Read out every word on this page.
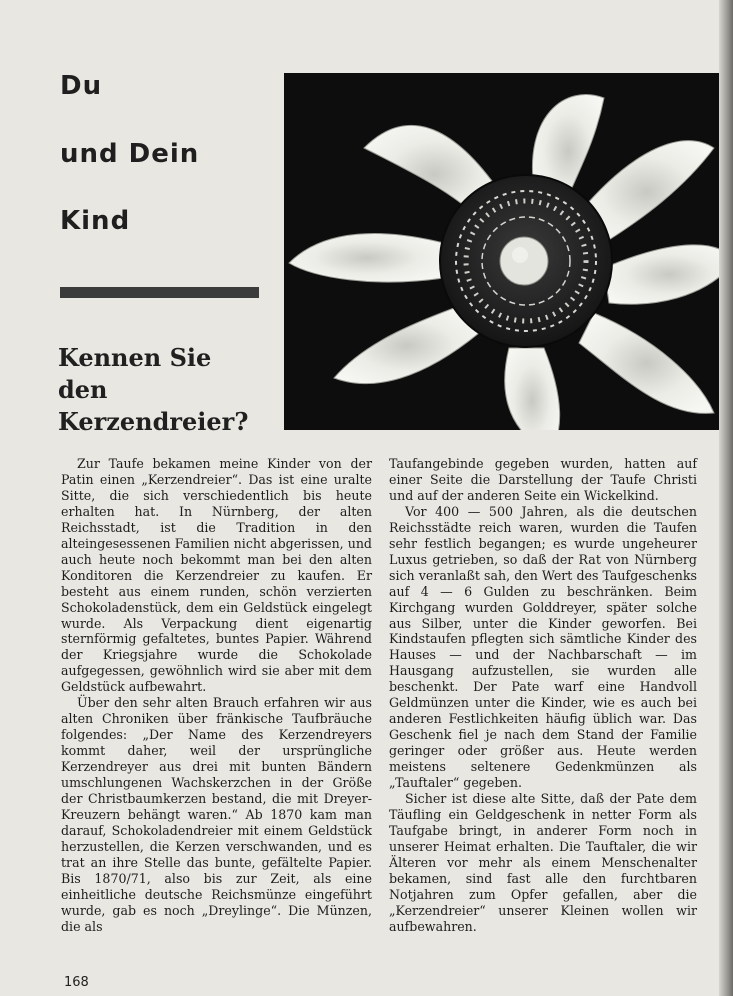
Du
und Dein
Kind
Kennen Sie
den
Kerzendreier?

Zur Taufe bekamen meine Kinder von der Patin einen „Kerzendreier“. Das ist eine uralte Sitte, die sich verschiedentlich bis heute erhalten hat. In Nürnberg, der alten Reichsstadt, ist die Tradition in den alteingesessenen Familien nicht abgerissen, und auch heute noch bekommt man bei den alten Konditoren die Kerzendreier zu kaufen. Er besteht aus einem runden, schön verzierten Schokoladenstück, dem ein Geldstück eingelegt wurde. Als Verpackung dient eigenartig sternförmig gefaltetes, buntes Papier. Während der Kriegsjahre wurde die Schokolade aufgegessen, gewöhnlich wird sie aber mit dem Geldstück aufbewahrt.

Über den sehr alten Brauch erfahren wir aus alten Chroniken über fränkische Taufbräuche folgendes: „Der Name des Kerzendreyers kommt daher, weil der ursprüngliche Kerzendreyer aus drei mit bunten Bändern umschlungenen Wachskerzchen in der Größe der Christbaumkerzen bestand, die mit Dreyer-Kreuzern behängt waren.“ Ab 1870 kam man darauf, Schokoladendreier mit einem Geldstück herzustellen, die Kerzen verschwanden, und es trat an ihre Stelle das bunte, gefältelte Papier. Bis 1870/71, also bis zur Zeit, als eine einheitliche deutsche Reichsmünze eingeführt wurde, gab es noch „Dreylinge“. Die Münzen, die als

Taufangebinde gegeben wurden, hatten auf einer Seite die Darstellung der Taufe Christi und auf der anderen Seite ein Wickelkind.

Vor 400 — 500 Jahren, als die deutschen Reichsstädte reich waren, wurden die Taufen sehr festlich begangen; es wurde ungeheurer Luxus getrieben, so daß der Rat von Nürnberg sich veranlaßt sah, den Wert des Taufgeschenks auf 4 — 6 Gulden zu beschränken. Beim Kirchgang wurden Golddreyer, später solche aus Silber, unter die Kinder geworfen. Bei Kindstaufen pflegten sich sämtliche Kinder des Hauses — und der Nachbarschaft — im Hausgang aufzustellen, sie wurden alle beschenkt. Der Pate warf eine Handvoll Geldmünzen unter die Kinder, wie es auch bei anderen Festlichkeiten häufig üblich war. Das Geschenk fiel je nach dem Stand der Familie geringer oder größer aus. Heute werden meistens seltenere Gedenkmünzen als „Tauftaler“ gegeben.

Sicher ist diese alte Sitte, daß der Pate dem Täufling ein Geldgeschenk in netter Form als Taufgabe bringt, in anderer Form noch in unserer Heimat erhalten. Die Tauftaler, die wir Älteren vor mehr als einem Menschenalter bekamen, sind fast alle den furchtbaren Notjahren zum Opfer gefallen, aber die „Kerzendreier“ unserer Kleinen wollen wir aufbewahren.

168
